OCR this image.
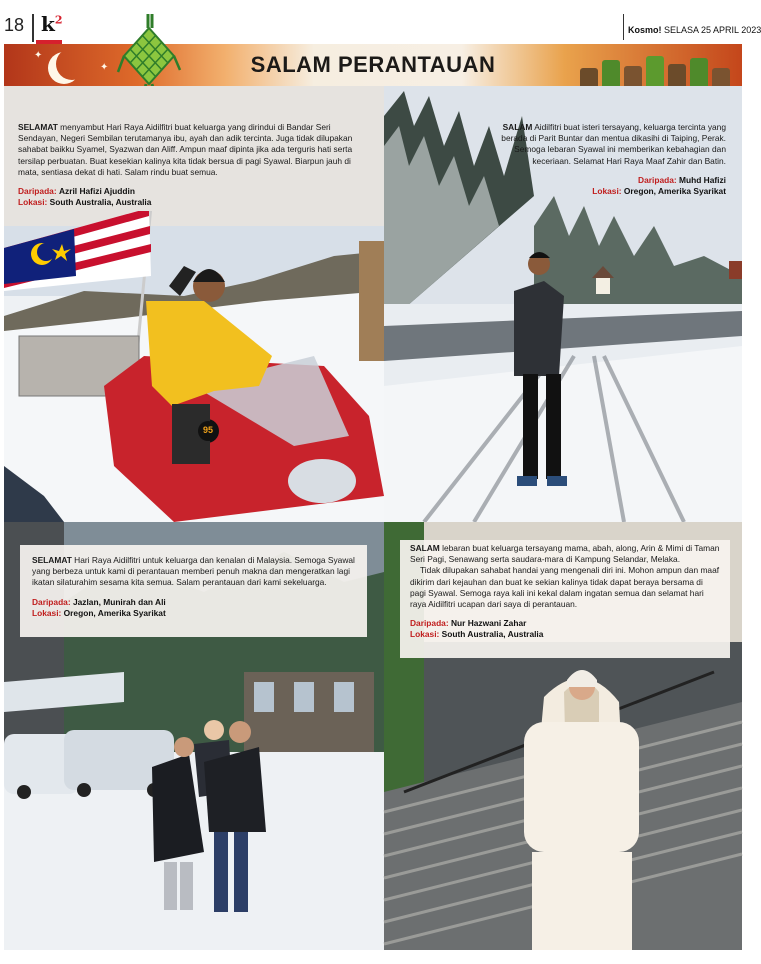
18 $k^2$
Kosmo! SELASA 25 APRIL 2023
✦
✦	SALAM PERANTAUAN

SELAMAT menyambut Hari Raya Aidilfitri buat keluarga yang dirindui di Bandar Seri Sendayan, Negeri Sembilan terutamanya ibu, ayah dan adik tercinta. Juga tidak dilupakan sahabat baikku Syamel, Syazwan dan Aliff. Ampun maaf dipinta jika ada terguris hati serta tersilap perbuatan. Buat kesekian kalinya kita tidak bersua di pagi Syawal. Biarpun jauh di mata, sentiasa dekat di hati. Salam rindu buat semua.

Daripada: Azril Hafizi Ajuddin
Lokasi: South Australia, Australia
95

SALAM Aidilfitri buat isteri tersayang, keluarga tercinta yang berada di Parit Buntar dan mentua dikasihi di Taiping, Perak. Semoga lebaran Syawal ini memberikan kebahagian dan keceriaan. Selamat Hari Raya Maaf Zahir dan Batin.

Daripada: Muhd Hafizi
Lokasi: Oregon, Amerika Syarikat

SELAMAT Hari Raya Aidilfitri untuk keluarga dan kenalan di Malaysia. Semoga Syawal yang berbeza untuk kami di perantauan memberi penuh makna dan mengeratkan lagi ikatan silaturahim sesama kita semua. Salam perantauan dari kami sekeluarga.

Daripada: Jazlan, Munirah dan Ali
Lokasi: Oregon, Amerika Syarikat

SALAM lebaran buat keluarga tersayang mama, abah, along, Arin & Mimi di Taman Seri Pagi, Senawang serta saudara-mara di Kampung Selandar, Melaka.

Tidak dilupakan sahabat handai yang mengenali diri ini. Mohon ampun dan maaf dikirim dari kejauhan dan buat ke sekian kalinya tidak dapat beraya bersama di pagi Syawal. Semoga raya kali ini kekal dalam ingatan semua dan selamat hari raya Aidilfitri ucapan dari saya di perantauan.

Daripada: Nur Hazwani Zahar
Lokasi: South Australia, Australia
